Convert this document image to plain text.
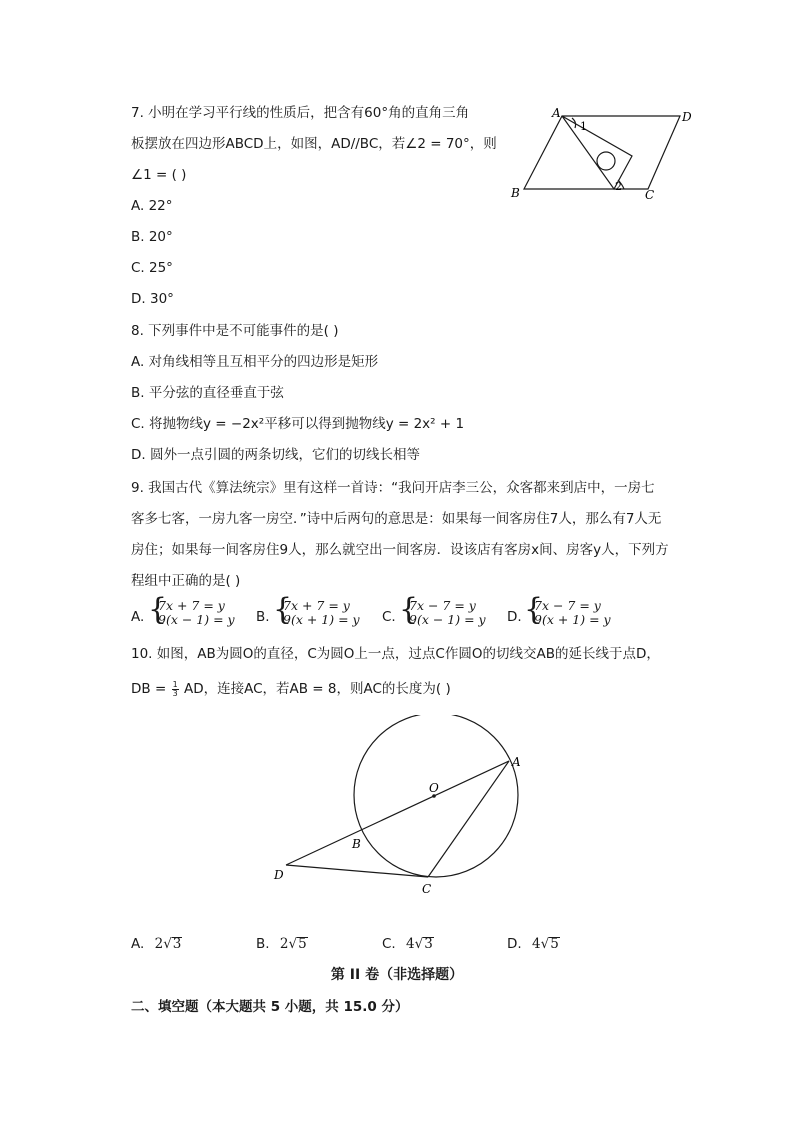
7. 小明在学习平行线的性质后，把含有60°角的直角三角
板摆放在四边形ABCD上，如图，AD//BC，若∠2 = 70°，则
∠1 = ( )
A. 22°
B. 20°
C. 25°
D. 30°
A	D
B	C
1
2
8. 下列事件中是不可能事件的是( )
A. 对角线相等且互相平分的四边形是矩形
B. 平分弦的直径垂直于弦
C. 将抛物线y = −2x²平移可以得到抛物线y = 2x² + 1
D. 圆外一点引圆的两条切线，它们的切线长相等
9. 我国古代《算法统宗》里有这样一首诗：“我问开店李三公，众客都来到店中，一房七
客多七客，一房九客一房空．”诗中后两句的意思是：如果每一间客房住7人，那么有7人无
房住；如果每一间客房住9人，那么就空出一间客房．设该店有客房x间、房客y人，下列方
程组中正确的是( )
A. {
7x + 7 = y
9(x − 1) = y B. {
7x + 7 = y
9(x + 1) = y C. {
7x − 7 = y
9(x − 1) = y D. {
7x − 7 = y
9(x + 1) = y
10. 如图，AB为圆O的直径，C为圆O上一点，过点C作圆O的切线交AB的延长线于点D，
DB = $\frac{1}{3}$ AD，连接AC，若AB = 8，则AC的长度为( )
A
O
B
D
C
A. 2√3	B. 2√5	C. 4√3	D. 4√5
第 II 卷（非选择题）
二、填空题（本大题共 5 小题，共 15.0 分）
